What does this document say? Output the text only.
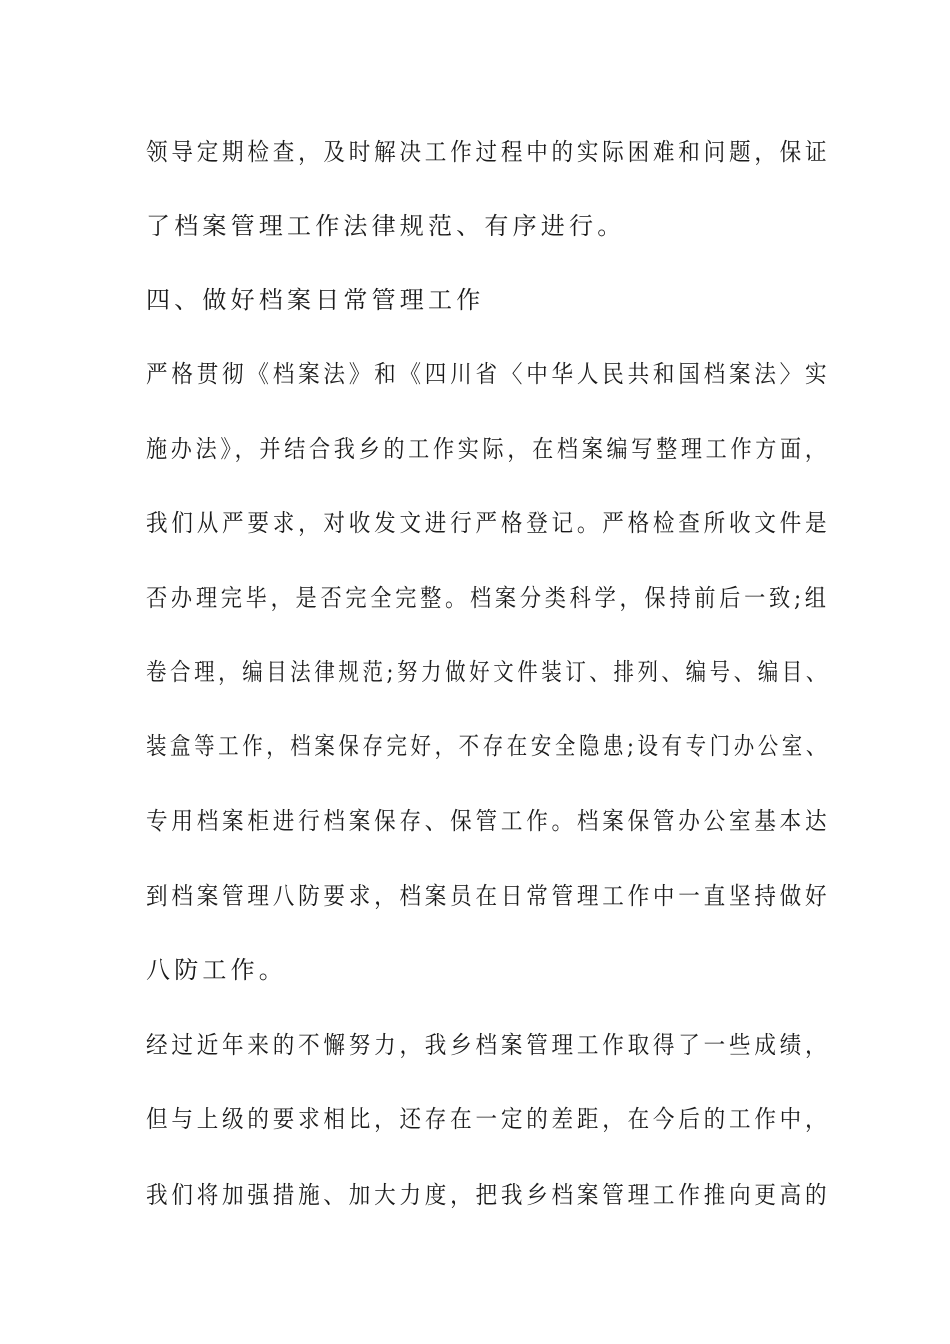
领导定期检查，及时解决工作过程中的实际困难和问题，保证
了档案管理工作法律规范、有序进行。
四、做好档案日常管理工作
严格贯彻《档案法》和《四川省〈中华人民共和国档案法〉实
施办法》，并结合我乡的工作实际，在档案编写整理工作方面，
我们从严要求，对收发文进行严格登记。严格检查所收文件是
否办理完毕，是否完全完整。档案分类科学，保持前后一致;组
卷合理，编目法律规范;努力做好文件装订、排列、编号、编目、
装盒等工作，档案保存完好，不存在安全隐患;设有专门办公室、
专用档案柜进行档案保存、保管工作。档案保管办公室基本达
到档案管理八防要求，档案员在日常管理工作中一直坚持做好
八防工作。
经过近年来的不懈努力，我乡档案管理工作取得了一些成绩，
但与上级的要求相比，还存在一定的差距，在今后的工作中，
我们将加强措施、加大力度，把我乡档案管理工作推向更高的
